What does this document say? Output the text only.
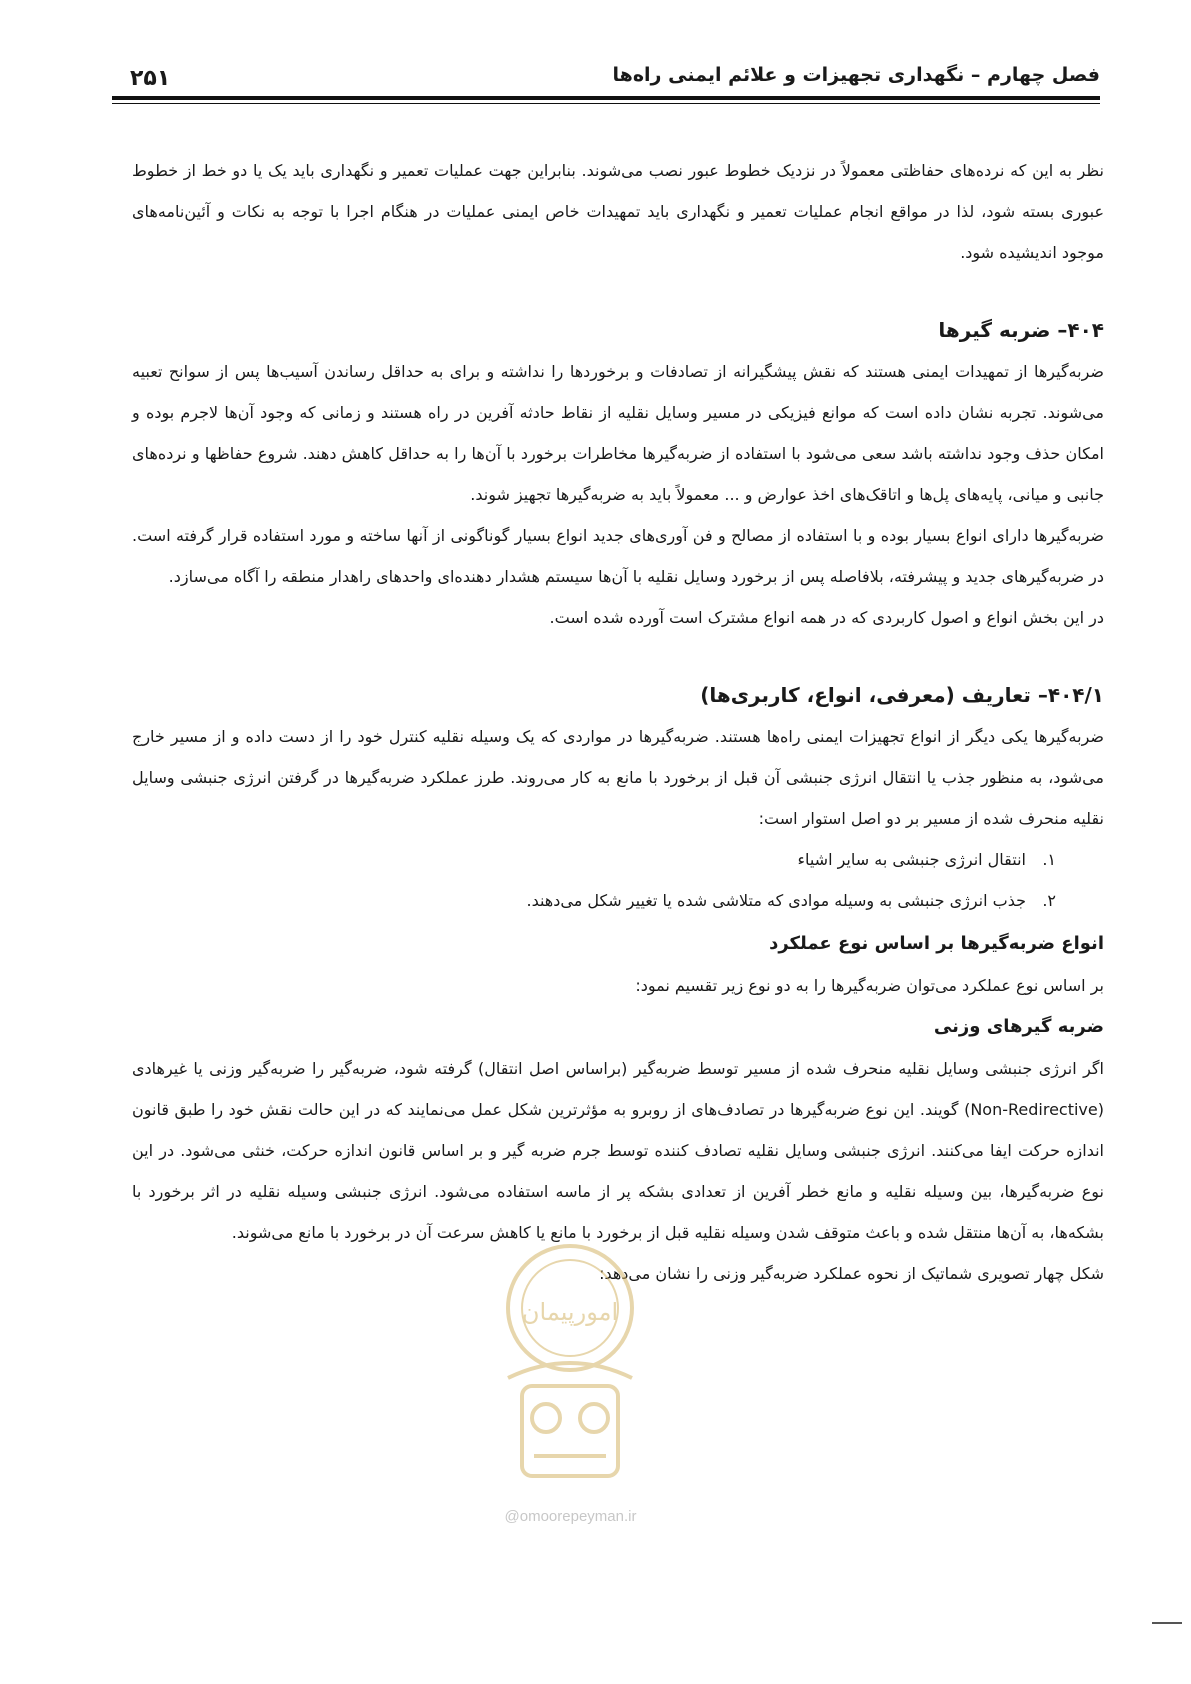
۲۵۱	فصل چهارم – نگهداری تجهیزات و علائم ایمنی راه‌ها

نظر به این که نرده‌های حفاظتی معمولاً در نزدیک خطوط عبور نصب می‌شوند. بنابراین جهت عملیات تعمیر و نگهداری باید یک یا دو خط از خطوط عبوری بسته شود، لذا در مواقع انجام عملیات تعمیر و نگهداری باید تمهیدات خاص ایمنی عملیات در هنگام اجرا با توجه به نکات و آئین‌نامه‌های موجود اندیشیده شود.

۴۰۴– ضربه گیرها

ضربه‌گیرها از تمهیدات ایمنی هستند که نقش پیشگیرانه از تصادفات و برخوردها را نداشته و برای به حداقل رساندن آسیب‌ها پس از سوانح تعبیه می‌شوند. تجربه نشان داده است که موانع فیزیکی در مسیر وسایل نقلیه از نقاط حادثه آفرین در راه هستند و زمانی که وجود آن‌ها لاجرم بوده و امکان حذف وجود نداشته باشد سعی می‌شود با استفاده از ضربه‌گیرها مخاطرات برخورد با آن‌ها را به حداقل کاهش دهند. شروع حفاظها و نرده‌های جانبی و میانی، پایه‌های پل‌ها و اتاقک‌های اخذ عوارض و ... معمولاً باید به ضربه‌گیرها تجهیز شوند.

ضربه‌گیرها دارای انواع بسیار بوده و با استفاده از مصالح و فن آوری‌های جدید انواع بسیار گوناگونی از آنها ساخته و مورد استفاده قرار گرفته است. در ضربه‌گیرهای جدید و پیشرفته، بلافاصله پس از برخورد وسایل نقلیه با آن‌ها سیستم هشدار دهنده‌ای واحدهای راهدار منطقه را آگاه می‌سازد.

در این بخش انواع و اصول کاربردی که در همه انواع مشترک است آورده شده است.

۴۰۴/۱– تعاریف (معرفی، انواع، کاربری‌ها)

ضربه‌گیرها یکی دیگر از انواع تجهیزات ایمنی راه‌ها هستند. ضربه‌گیرها در مواردی که یک وسیله نقلیه کنترل خود را از دست داده و از مسیر خارج می‌شود، به منظور جذب یا انتقال انرژی جنبشی آن قبل از برخورد با مانع به کار می‌روند. طرز عملکرد ضربه‌گیرها در گرفتن انرژی جنبشی وسایل نقلیه منحرف شده از مسیر بر دو اصل استوار است:

۱.انتقال انرژی جنبشی به سایر اشیاء

۲.جذب انرژی جنبشی به وسیله موادی که متلاشی شده یا تغییر شکل می‌دهند.

انواع ضربه‌گیرها بر اساس نوع عملکرد

بر اساس نوع عملکرد می‌توان ضربه‌گیرها را به دو نوع زیر تقسیم نمود:

ضربه گیرهای وزنی

اگر انرژی جنبشی وسایل نقلیه منحرف شده از مسیر توسط ضربه‌گیر (براساس اصل انتقال) گرفته شود، ضربه‌گیر را ضربه‌گیر وزنی یا غیرهادی (Non-Redirective) گویند. این نوع ضربه‌گیرها در تصادف‌های از روبرو به مؤثرترین شکل عمل می‌نمایند که در این حالت نقش خود را طبق قانون اندازه حرکت ایفا می‌کنند. انرژی جنبشی وسایل نقلیه تصادف کننده توسط جرم ضربه گیر و بر اساس قانون اندازه حرکت، خنثی می‌شود. در این نوع ضربه‌گیرها، بین وسیله نقلیه و مانع خطر آفرین از تعدادی بشکه پر از ماسه استفاده می‌شود. انرژی جنبشی وسیله نقلیه در اثر برخورد با بشکه‌ها، به آن‌ها منتقل شده و باعث متوقف شدن وسیله نقلیه قبل از برخورد با مانع یا کاهش سرعت آن در برخورد با مانع می‌شوند.

شکل چهار تصویری شماتیک از نحوه عملکرد ضربه‌گیر وزنی را نشان می‌دهد:

امورپیمان
@omoorepeyman.ir
